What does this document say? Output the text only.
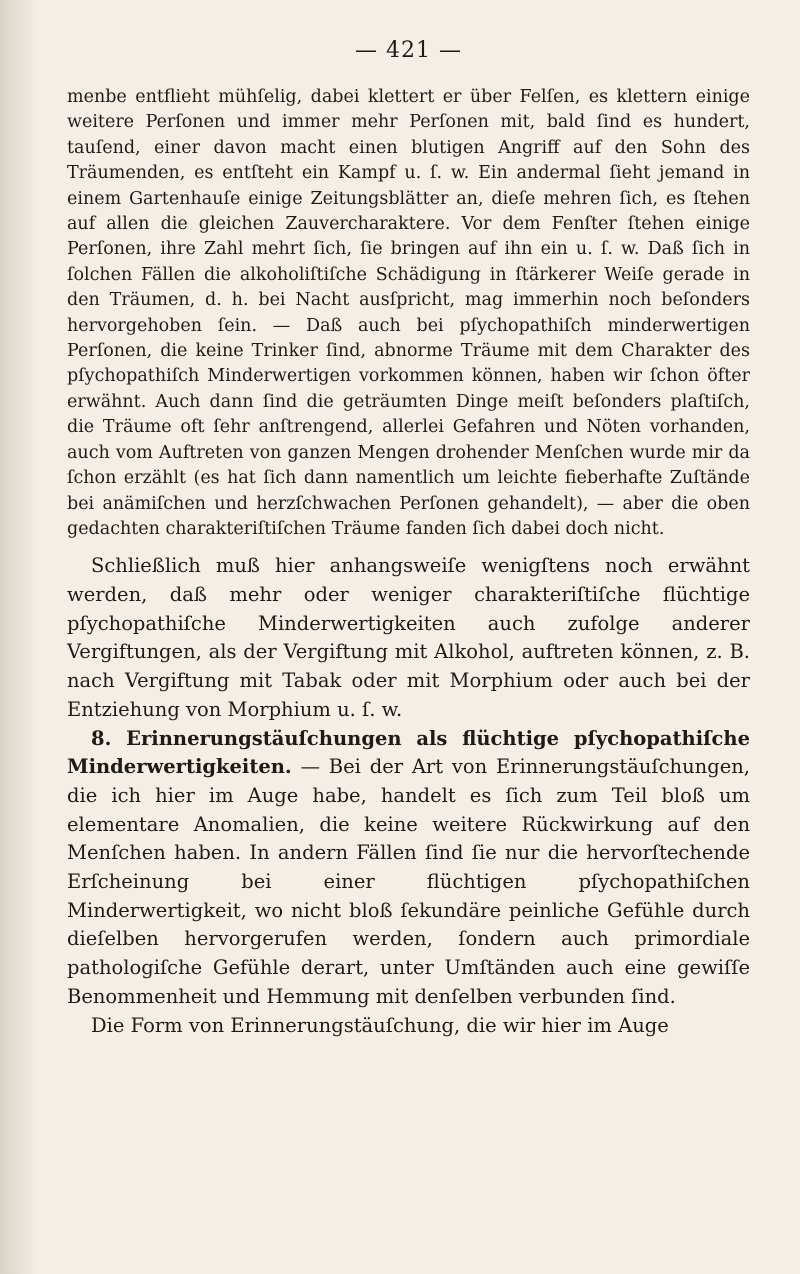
— 421 —

menbe entflieht mühſelig, dabei klettert er über Felſen, es klettern einige weitere Perſonen und immer mehr Perſonen mit, bald ſind es hundert, tauſend, einer davon macht einen blutigen Angriff auf den Sohn des Träumenden, es entſteht ein Kampf u. ſ. w. Ein andermal ſieht jemand in einem Gartenhauſe einige Zeitungsblätter an, dieſe mehren ſich, es ſtehen auf allen die gleichen Zauvercharaktere. Vor dem Fenſter ſtehen einige Perſonen, ihre Zahl mehrt ſich, ſie bringen auf ihn ein u. ſ. w. Daß ſich in ſolchen Fällen die alkoholiſtiſche Schädigung in ſtärkerer Weiſe gerade in den Träumen, d. h. bei Nacht ausſpricht, mag immerhin noch beſonders hervorgehoben ſein. — Daß auch bei pſychopathiſch minderwertigen Perſonen, die keine Trinker ſind, abnorme Träume mit dem Charakter des pſychopathiſch Minderwertigen vorkommen können, haben wir ſchon öfter erwähnt. Auch dann ſind die geträumten Dinge meiſt beſonders plaſtiſch, die Träume oft ſehr anſtrengend, allerlei Gefahren und Nöten vorhanden, auch vom Auftreten von ganzen Mengen drohender Menſchen wurde mir da ſchon erzählt (es hat ſich dann namentlich um leichte fieberhafte Zuſtände bei anämiſchen und herzſchwachen Perſonen gehandelt), — aber die oben gedachten charakteriſtiſchen Träume fanden ſich dabei doch nicht.

Schließlich muß hier anhangsweiſe wenigſtens noch erwähnt werden, daß mehr oder weniger charakteriſtiſche flüchtige pſychopathiſche Minderwertigkeiten auch zufolge anderer Vergiftungen, als der Vergiftung mit Alkohol, auftreten können, z. B. nach Vergiftung mit Tabak oder mit Morphium oder auch bei der Entziehung von Morphium u. ſ. w.

8. Erinnerungstäuſchungen als flüchtige pſychopathiſche Minderwertigkeiten. — Bei der Art von Erinnerungstäuſchungen, die ich hier im Auge habe, handelt es ſich zum Teil bloß um elementare Anomalien, die keine weitere Rückwirkung auf den Menſchen haben. In andern Fällen ſind ſie nur die hervorſtechende Erſcheinung bei einer flüchtigen pſychopathiſchen Minderwertigkeit, wo nicht bloß ſekundäre peinliche Gefühle durch dieſelben hervorgerufen werden, ſondern auch primordiale pathologiſche Gefühle derart, unter Umſtänden auch eine gewiſſe Benommenheit und Hemmung mit denſelben verbunden ſind.

Die Form von Erinnerungstäuſchung, die wir hier im Auge
